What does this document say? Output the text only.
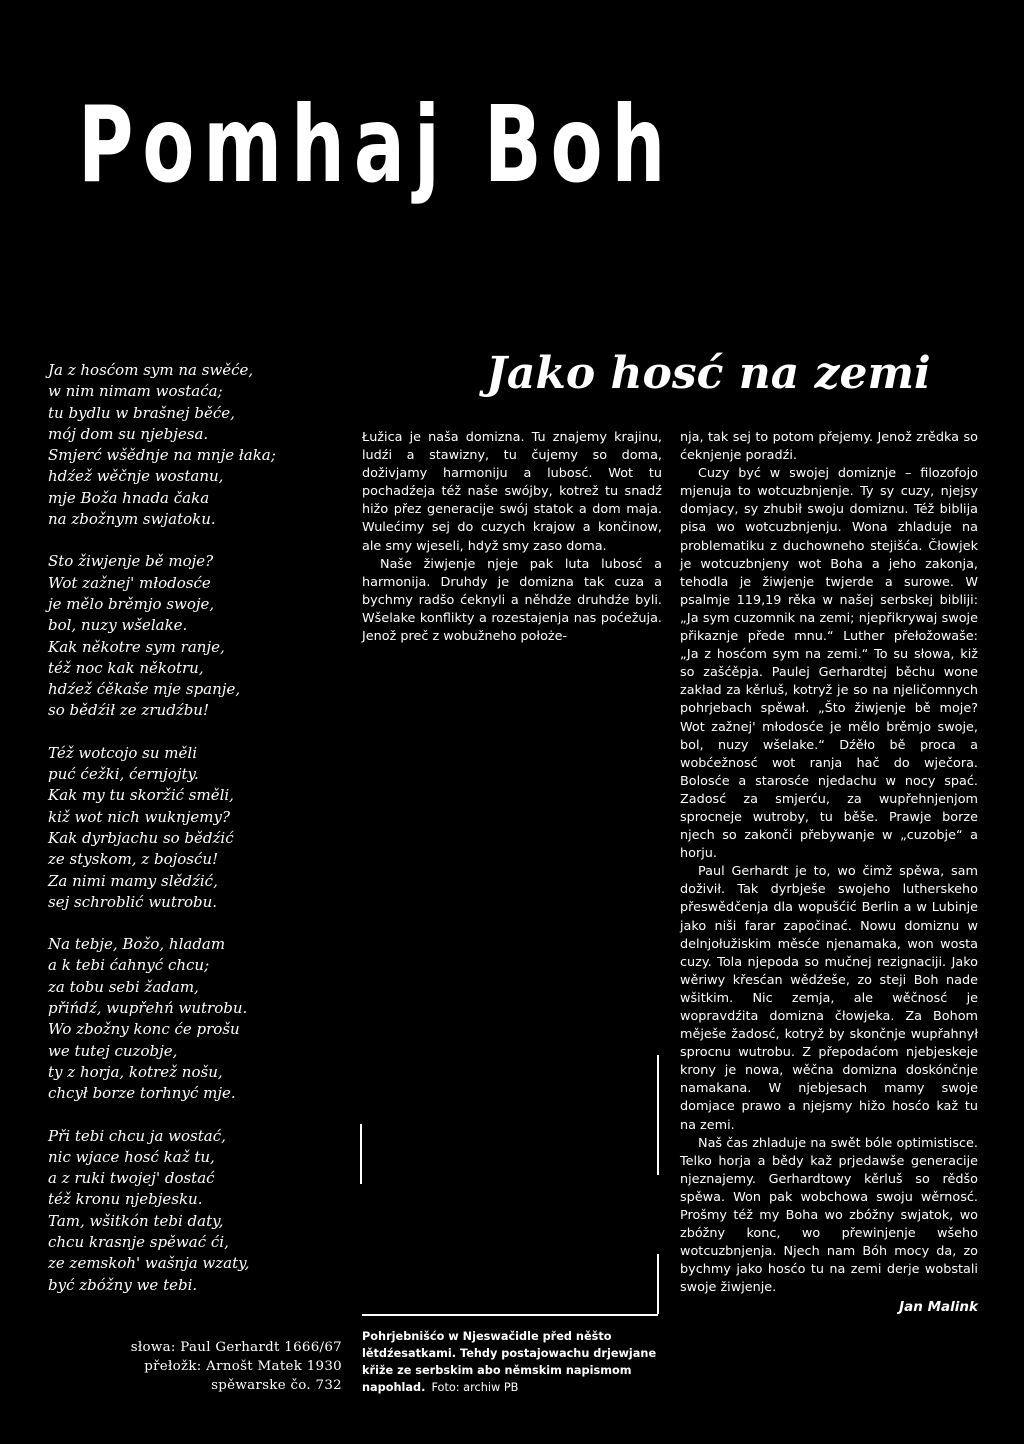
Pomhaj Boh
Ja z hosćom sym na swěće,
w nim nimam wostaća;
tu bydlu w brašnej běće,
mój dom su njebjesa.
Smjerć wšědnje na mnje łaka;
hdźež wěčnje wostanu,
mje Boža hnada čaka
na zbožnym swjatoku.
Sto žiwjenje bě moje?
Wot zažnej' młodosće
je mělo brěmjo swoje,
bol, nuzy wšelake.
Kak někotre sym ranje,
též noc kak někotru,
hdźež ćěkaše mje spanje,
so bědźił ze zrudźbu!
Též wotcojo su měli
puć ćežki, ćernjojty.
Kak my tu skoržić směli,
kiž wot nich wuknjemy?
Kak dyrbjachu so bědźić
ze styskom, z bojosću!
Za nimi mamy slědźić,
sej schroblić wutrobu.
Na tebje, Božo, hladam
a k tebi ćahnyć chcu;
za tobu sebi žadam,
přińdź, wupřehń wutrobu.
Wo zbožny konc će prošu
we tutej cuzobje,
ty z horja, kotrež nošu,
chcył borze torhnyć mje.
Při tebi chcu ja wostać,
nic wjace hosć kaž tu,
a z ruki twojej' dostać
též kronu njebjesku.
Tam, wšitkón tebi daty,
chcu krasnje spěwać ći,
ze zemskoh' wašnja wzaty,
być zbóžny we tebi.
słowa: Paul Gerhardt 1666/67
přełožk: Arnošt Matek 1930
spěwarske čo. 732
Jako hosć na zemi

Łužica je naša domizna. Tu znajemy krajinu, ludźi a stawizny, tu čujemy so doma, doživjamy harmoniju a lubosć. Wot tu pochadźeja též naše swójby, kotrež tu snadź hižo přez generacije swój statok a dom maja. Wulećimy sej do cuzych krajow a končinow, ale smy wjeseli, hdyž smy zaso doma.

Naše žiwjenje njeje pak luta lubosć a harmonija. Druhdy je domizna tak cuza a bychmy radšo ćeknyli a něhdźe druhdźe byli. Wšelake konflikty a rozestajenja nas poćežuja. Jenož preč z wobužneho położe-

nja, tak sej to potom přejemy. Jenož zrědka so ćeknjenje poradźi.

Cuzy być w swojej domiznje – filozofojo mjenuja to wotcuzbnjenje. Ty sy cuzy, njejsy domjacy, sy zhubił swoju domiznu. Též biblija pisa wo wotcuzbnjenju. Wona zhladuje na problematiku z duchowneho stejišća. Čłowjek je wotcuzbnjeny wot Boha a jeho zakonja, tehodla je žiwjenje twjerde a surowe. W psalmje 119,19 rěka w našej serbskej bibliji: „Ja sym cuzomnik na zemi; njepřikrywaj swoje přikaznje přede mnu.“ Luther přełožowaše: „Ja z hosćom sym na zemi.“ To su słowa, kiž so zašćěpja. Paulej Gerhardtej běchu wone zakład za kěrluš, kotryž je so na njeličomnych pohrjebach spěwał. „Što žiwjenje bě moje? Wot zažnej' młodosće je mělo brěmjo swoje, bol, nuzy wšelake.“ Dźěło bě proca a wobćežnosć wot ranja hač do wječora. Bolosće a starosće njedachu w nocy spać. Zadosć za smjerću, za wupřehnjenjom sprocneje wutroby, tu běše. Prawje borze njech so zakonči přebywanje w „cuzobje“ a horju.

Paul Gerhardt je to, wo čimž spěwa, sam doživił. Tak dyrbješe swojeho lutherskeho přeswědčenja dla wopušćić Berlin a w Lubinje jako niši farar započinać. Nowu domiznu w delnjołužiskim měsće njenamaka, won wosta cuzy. Tola njepoda so mučnej rezignaciji. Jako wěriwy křesćan wědźeše, zo steji Boh nade wšitkim. Nic zemja, ale wěčnosć je wopravdźita domizna čłowjeka. Za Bohom měješe žadosć, kotryž by skončnje wupřahnył sprocnu wutrobu. Z přepodaćom njebjeskeje krony je nowa, wěčna domizna doskónčnje namakana. W njebjesach mamy swoje domjace prawo a njejsmy hižo hosćo kaž tu na zemi.

Naš čas zhladuje na swět bóle optimistisce. Telko horja a bědy kaž prjedawše generacije njeznajemy. Gerhardtowy kěrluš so rědšo spěwa. Won pak wobchowa swoju wěrnosć. Prošmy též my Boha wo zbóžny swjatok, wo zbóžny konc, wo přewinjenje wšeho wotcuzbnjenja. Njech nam Bóh mocy da, zo bychmy jako hosćo tu na zemi derje wobstali swoje žiwjenje.

Jan Malink
Pohrjebnišćo w Njeswačidle před něšto lětdźesatkami. Tehdy postajowachu drjewjane křiže ze serbskim abo němskim napismom napohlad. Foto: archiw PB
